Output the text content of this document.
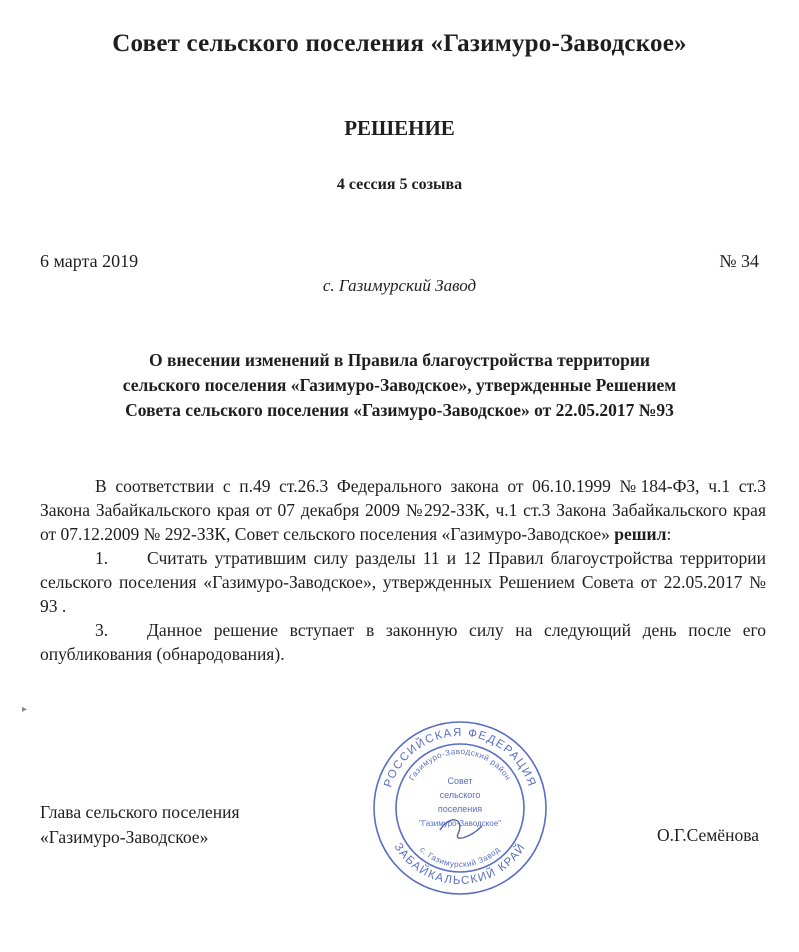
Совет сельского поселения «Газимуро-Заводское»
РЕШЕНИЕ
4 сессия 5 созыва
6 марта 2019	№ 34
с. Газимурский Завод
О внесении изменений в Правила благоустройства территории
сельского поселения «Газимуро-Заводское», утвержденные Решением
Совета сельского поселения «Газимуро-Заводское» от 22.05.2017 №93

В соответствии с п.49 ст.26.3 Федерального закона от 06.10.1999 №184-ФЗ, ч.1 ст.3 Закона Забайкальского края от 07 декабря 2009 №292-ЗЗК, ч.1 ст.3 Закона Забайкальского края от 07.12.2009 № 292-ЗЗК, Совет сельского поселения «Газимуро-Заводское» решил:

1. Считать утратившим силу разделы 11 и 12 Правил благоустройства территории сельского поселения «Газимуро-Заводское», утвержденных Решением Совета от 22.05.2017 № 93 .

3. Данное решение вступает в законную силу на следующий день после его опубликования (обнародования).

▸
Глава сельского поселения
«Газимуро-Заводское»	О.Г.Семёнова
РОССИЙСКАЯ ФЕДЕРАЦИЯ
ЗАБАЙКАЛЬСКИЙ КРАЙ
Газимуро-Заводский район
с. Газимурский Завод
Совет
сельского
поселения
"Газимуро-Заводское"
